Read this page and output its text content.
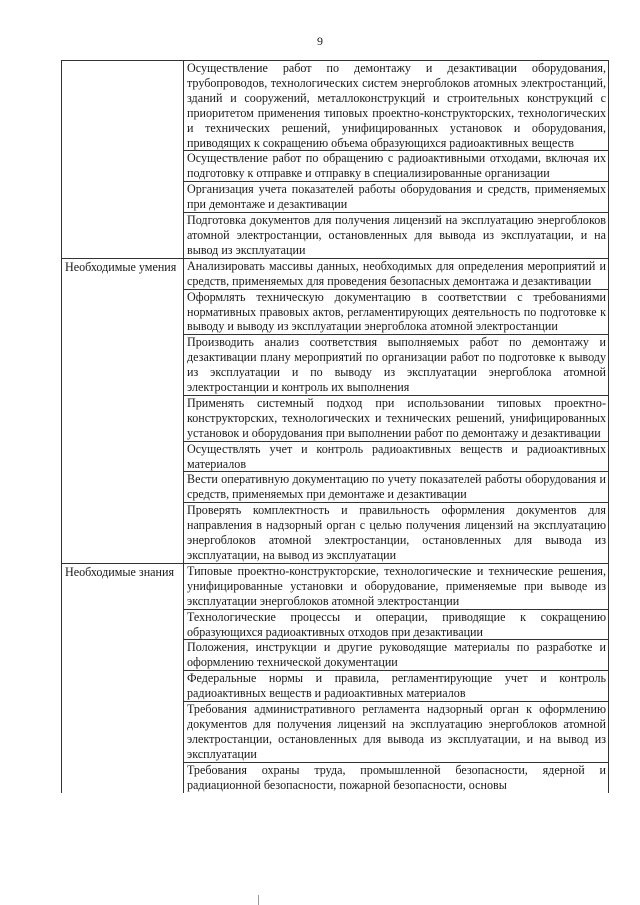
9
	Осуществление работ по демонтажу и дезактивации оборудования, трубопроводов, технологических систем энергоблоков атомных электростанций, зданий и сооружений, металлоконструкций и строительных конструкций с приоритетом применения типовых проектно-конструкторских, технологических и технических решений, унифицированных установок и оборудования, приводящих к сокращению объема образующихся радиоактивных веществ
	Осуществление работ по обращению с радиоактивными отходами, включая их подготовку к отправке и отправку в специализированные организации
	Организация учета показателей работы оборудования и средств, применяемых при демонтаже и дезактивации
	Подготовка документов для получения лицензий на эксплуатацию энергоблоков атомной электростанции, остановленных для вывода из эксплуатации, и на вывод из эксплуатации
Необходимые умения	Анализировать массивы данных, необходимых для определения мероприятий и средств, применяемых для проведения безопасных демонтажа и дезактивации
	Оформлять техническую документацию в соответствии с требованиями нормативных правовых актов, регламентирующих деятельность по подготовке к выводу и выводу из эксплуатации энергоблока атомной электростанции
	Производить анализ соответствия выполняемых работ по демонтажу и дезактивации плану мероприятий по организации работ по подготовке к выводу из эксплуатации и по выводу из эксплуатации энергоблока атомной электростанции и контроль их выполнения
	Применять системный подход при использовании типовых проектно-конструкторских, технологических и технических решений, унифицированных установок и оборудования при выполнении работ по демонтажу и дезактивации
	Осуществлять учет и контроль радиоактивных веществ и радиоактивных материалов
	Вести оперативную документацию по учету показателей работы оборудования и средств, применяемых при демонтаже и дезактивации
	Проверять комплектность и правильность оформления документов для направления в надзорный орган с целью получения лицензий на эксплуатацию энергоблоков атомной электростанции, остановленных для вывода из эксплуатации, на вывод из эксплуатации
Необходимые знания	Типовые проектно-конструкторские, технологические и технические решения, унифицированные установки и оборудование, применяемые при выводе из эксплуатации энергоблоков атомной электростанции
	Технологические процессы и операции, приводящие к сокращению образующихся радиоактивных отходов при дезактивации
	Положения, инструкции и другие руководящие материалы по разработке и оформлению технической документации
	Федеральные нормы и правила, регламентирующие учет и контроль радиоактивных веществ и радиоактивных материалов
	Требования административного регламента надзорный орган к оформлению документов для получения лицензий на эксплуатацию энергоблоков атомной электростанции, остановленных для вывода из эксплуатации, и на вывод из эксплуатации
	Требования охраны труда, промышленной безопасности, ядерной и радиационной безопасности, пожарной безопасности, основы
